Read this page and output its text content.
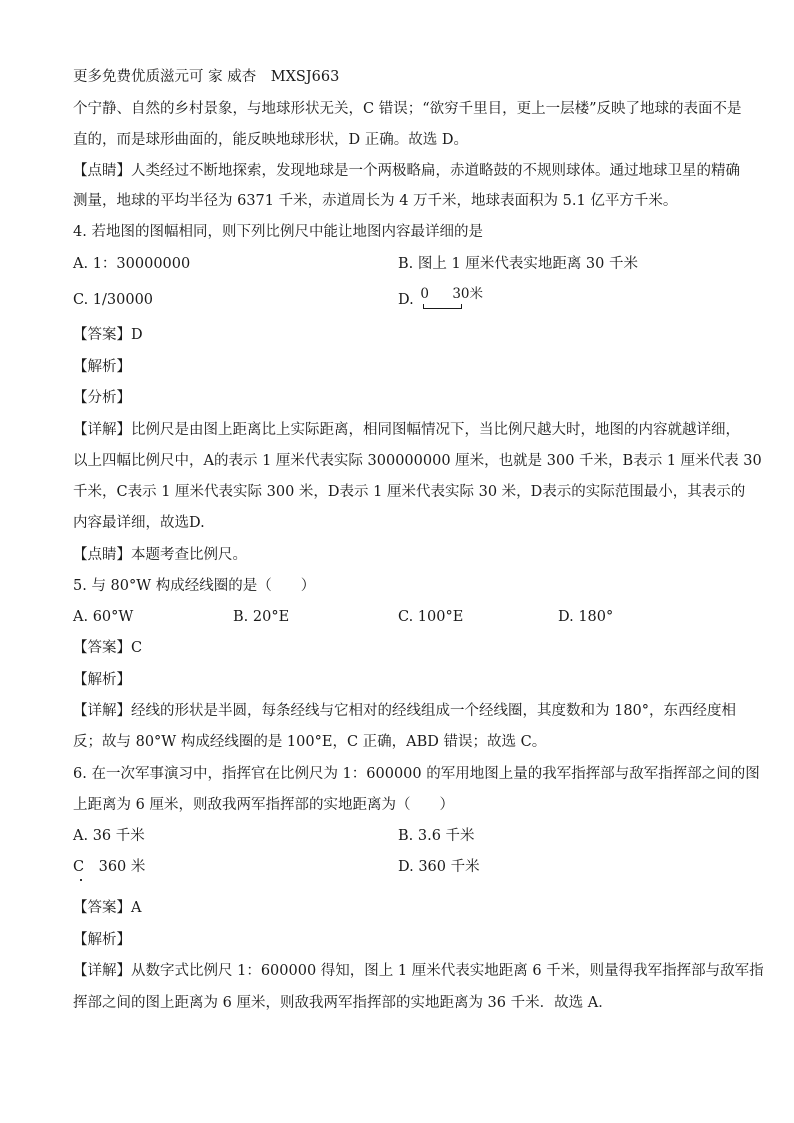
更多免费优质滋元可 家 威杏　MXSJ663
个宁静、自然的乡村景象，与地球形状无关，C 错误；“欲穷千里目，更上一层楼”反映了地球的表面不是
直的，而是球形曲面的，能反映地球形状，D 正确。故选 D。
【点睛】人类经过不断地探索，发现地球是一个两极略扁，赤道略鼓的不规则球体。通过地球卫星的精确
测量，地球的平均半径为 6371 千米，赤道周长为 4 万千米，地球表面积为 5.1 亿平方千米。
4. 若地图的图幅相同，则下列比例尺中能让地图内容最详细的是
A. 1：30000000	B. 图上 1 厘米代表实地距离 30 千米
C. 1/30000	D. 0 30米
【答案】D
【解析】
【分析】
【详解】比例尺是由图上距离比上实际距离，相同图幅情况下，当比例尺越大时，地图的内容就越详细，
以上四幅比例尺中，A的表示 1 厘米代表实际 300000000 厘米，也就是 300 千米，B表示 1 厘米代表 30
千米，C表示 1 厘米代表实际 300 米，D表示 1 厘米代表实际 30 米，D表示的实际范围最小，其表示的
内容最详细，故选D.
【点睛】本题考查比例尺。
5. 与 80°W 构成经线圈的是（　　）
A. 60°W	B. 20°E	C. 100°E	D. 180°
【答案】C
【解析】
【详解】经线的形状是半圆，每条经线与它相对的经线组成一个经线圈，其度数和为 180°，东西经度相
反；故与 80°W 构成经线圈的是 100°E，C 正确，ABD 错误；故选 C。
6. 在一次军事演习中，指挥官在比例尺为 1：600000 的军用地图上量的我军指挥部与敌军指挥部之间的图
上距离为 6 厘米，则敌我两军指挥部的实地距离为（　　）
A. 36 千米	B. 3.6 千米
C　360 米	D. 360 千米
【答案】A
【解析】
【详解】从数字式比例尺 1：600000 得知，图上 1 厘米代表实地距离 6 千米，则量得我军指挥部与敌军指
挥部之间的图上距离为 6 厘米，则敌我两军指挥部的实地距离为 36 千米．故选 A．
